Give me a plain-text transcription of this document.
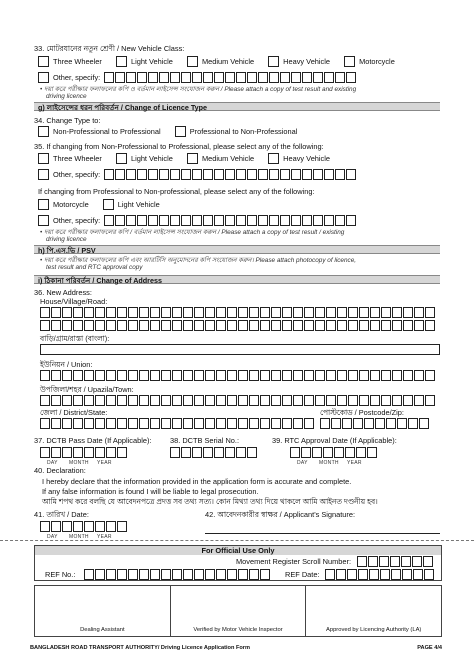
33. মোটরযানের নতুন শ্রেণী / New Vehicle Class:
Three Wheeler
	Light Vehicle
	Medium Vehicle
	Heavy Vehicle
	Motorcycle
Other, specify:
• দয়া করে পরীক্ষার ফলাফলের কপি ও বর্তমান লাইসেন্স সংযোজন করুন / Please attach a copy of test result and existing
driving licence
g) লাইসেন্সের ধরন পরিবর্তন / Change of Licence Type
34. Change Type to:
Non-Professional to Professional
	Professional to Non-Professional
35. If changing from Non-Professional to Professional, please select any of the following:
Three Wheeler
	Light Vehicle
	Medium Vehicle
	Heavy Vehicle
Other, specify:
If changing from Professional to Non-professional, please select any of the following:
Motorcycle
	Light Vehicle
Other, specify:
• দয়া করে পরীক্ষার ফলাফলের কপি / বর্তমান লাইসেন্স সংযোজন করুন / Please attach a copy of test result / existing
driving licence
h) পি.এস.ভি / PSV
• দয়া করে পরীক্ষার ফলাফলের কপি এবং আরটিসি অনুমোদনের কপি সংযোজন করুন। Please attach photocopy of licence,
test result and RTC approval copy
i) ঠিকানা পরিবর্তন / Change of Address
36. New Address:
House/Village/Road:
বাড়ি/গ্রাম/রাস্তা (বাংলা):
ইউনিয়ন / Union:
উপজিলা/শহর / Upazila/Town:
জেলা / District/State:	পোস্টকোড / Postcode/Zip:
37. DCTB Pass Date (If Applicable):	38. DCTB Serial No.:	39. RTC Approval Date (If Applicable):
DAY MONTH YEAR	DAY MONTH YEAR
40. Declaration:
I hereby declare that the information provided in the application form is accurate and complete.
If any false information is found I will be liable to legal prosecution.
আমি শপথ করে বলছি যে আবেদনপত্রে প্রদত্ত সব তথ্য সত্য। কোন মিথ্যা তথ্য দিয়ে থাকলে আমি আইনত দণ্ডনীয় হব।
41. তারিখ / Date:	42. আবেদনকারীর স্বাক্ষর / Applicant's Signature:
DAY MONTH YEAR
For Official Use Only
Movement Register Scroll Number:
REF No.:	REF Date:
Dealing Assistant	Verified by Motor Vehicle Inspector	Approved by Licencing Authority (LA)
BANGLADESH ROAD TRANSPORT AUTHORITY/ Driving Licence Application Form	PAGE 4/4
